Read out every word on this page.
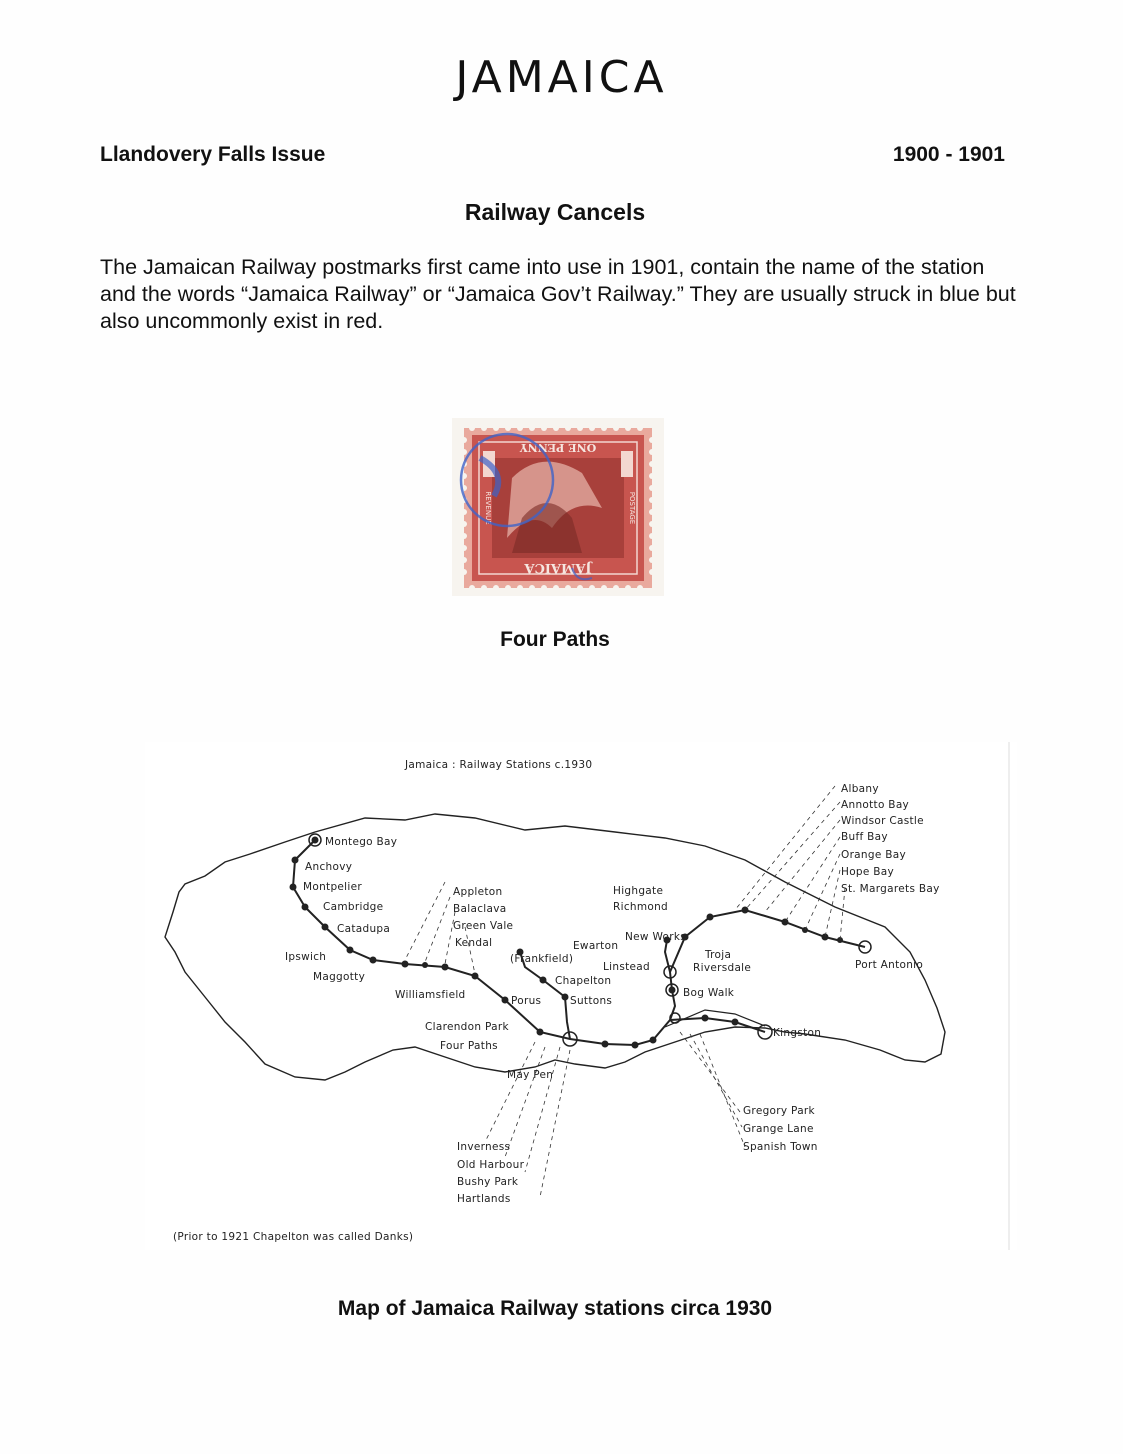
JAMAICA
Llandovery Falls Issue	1900 - 1901
Railway Cancels
The Jamaican Railway postmarks first came into use in 1901, contain the name of the station and the words “Jamaica Railway” or “Jamaica Gov’t Railway.” They are usually struck in blue but also uncommonly exist in red.
ONE PENNY
JAMAICA
REVENUE	POSTAGE
Four Paths
Jamaica : Railway Stations c.1930
Montego Bay
Anchovy
Montpelier
Cambridge
Catadupa
Ipswich
Maggotty
Appleton
Balaclava
Green Vale
Kendal
Williamsfield	Porus
Clarendon Park
Four Paths
May Pen
(Frankfield)
Chapelton
Suttons
Highgate
Richmond
New Works
Ewarton
Linstead
Troja
Riversdale
Bog Walk
Kingston
Port Antonio
Gregory Park
Grange Lane
Spanish Town
Inverness
Old Harbour
Bushy Park
Hartlands
Albany
Annotto Bay
Windsor Castle
Buff Bay
Orange Bay
Hope Bay
St. Margarets Bay
(Prior to 1921 Chapelton was called Danks)
Map of Jamaica Railway stations circa 1930
